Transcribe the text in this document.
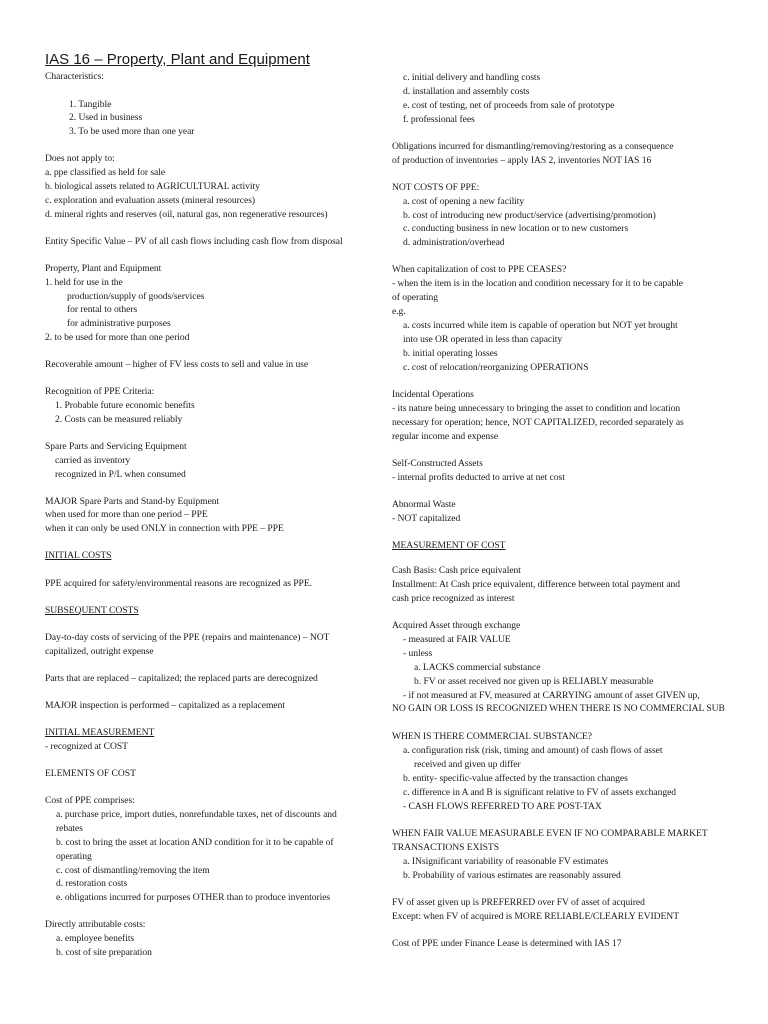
IAS 16 – Property, Plant and Equipment
Characteristics:
1. Tangible
2. Used in business
3. To be used more than one year
Does not apply to:
a. ppe classified as held for sale
b. biological assets related to AGRICULTURAL activity
c. exploration and evaluation assets (mineral resources)
d. mineral rights and reserves (oil, natural gas, non regenerative resources)
Entity Specific Value – PV of all cash flows including cash flow from disposal
Property, Plant and Equipment
1. held for use in the
production/supply of goods/services
for rental to others
for administrative purposes
2. to be used for more than one period
Recoverable amount – higher of FV less costs to sell and value in use
Recognition of PPE Criteria:
1. Probable future economic benefits
2. Costs can be measured reliably
Spare Parts and Servicing Equipment
carried as inventory
recognized in P/L when consumed
MAJOR Spare Parts and Stand-by Equipment
when used for more than one period – PPE
when it can only be used ONLY in connection with PPE – PPE
INITIAL COSTS
PPE acquired for safety/environmental reasons are recognized as PPE.
SUBSEQUENT COSTS
Day-to-day costs of servicing of the PPE (repairs and maintenance) – NOT
capitalized, outright expense
Parts that are replaced – capitalized; the replaced parts are derecognized
MAJOR inspection is performed – capitalized as a replacement
INITIAL MEASUREMENT
- recognized at COST
ELEMENTS OF COST
Cost of PPE comprises:
a. purchase price, import duties, nonrefundable taxes, net of discounts and
rebates
b. cost to bring the asset at location AND condition for it to be capable of
operating
c. cost of dismantling/removing the item
d. restoration costs
e. obligations incurred for purposes OTHER than to produce inventories
Directly attributable costs:
a. employee benefits
b. cost of site preparation
c. initial delivery and handling costs
d. installation and assembly costs
e. cost of testing, net of proceeds from sale of prototype
f. professional fees
Obligations incurred for dismantling/removing/restoring as a consequence
of production of inventories – apply IAS 2, inventories NOT IAS 16
NOT COSTS OF PPE:
a. cost of opening a new facility
b. cost of introducing new product/service (advertising/promotion)
c. conducting business in new location or to new customers
d. administration/overhead
When capitalization of cost to PPE CEASES?
- when the item is in the location and condition necessary for it to be capable
of operating
e.g.
a. costs incurred while item is capable of operation but NOT yet brought
into use OR operated in less than capacity
b. initial operating losses
c. cost of relocation/reorganizing OPERATIONS
Incidental Operations
- its nature being unnecessary to bringing the asset to condition and location
necessary for operation; hence, NOT CAPITALIZED, recorded separately as
regular income and expense
Self-Constructed Assets
- internal profits deducted to arrive at net cost
Abnormal Waste
- NOT capitalized
MEASUREMENT OF COST
Cash Basis: Cash price equivalent
Installment: At Cash price equivalent, difference between total payment and
cash price recognized as interest
Acquired Asset through exchange
- measured at FAIR VALUE
- unless
a. LACKS commercial substance
b. FV or asset received nor given up is RELIABLY measurable
- if not measured at FV, measured at CARRYING amount of asset GIVEN up,
NO GAIN OR LOSS IS RECOGNIZED WHEN THERE IS NO COMMERCIAL SUB
WHEN IS THERE COMMERCIAL SUBSTANCE?
a. configuration risk (risk, timing and amount) of cash flows of asset
received and given up differ
b. entity- specific-value affected by the transaction changes
c. difference in A and B is significant relative to FV of assets exchanged
- CASH FLOWS REFERRED TO ARE POST-TAX
WHEN FAIR VALUE MEASURABLE EVEN IF NO COMPARABLE MARKET
TRANSACTIONS EXISTS
a. INsignificant variability of reasonable FV estimates
b. Probability of various estimates are reasonably assured
FV of asset given up is PREFERRED over FV of asset of acquired
Except: when FV of acquired is MORE RELIABLE/CLEARLY EVIDENT
Cost of PPE under Finance Lease is determined with IAS 17
